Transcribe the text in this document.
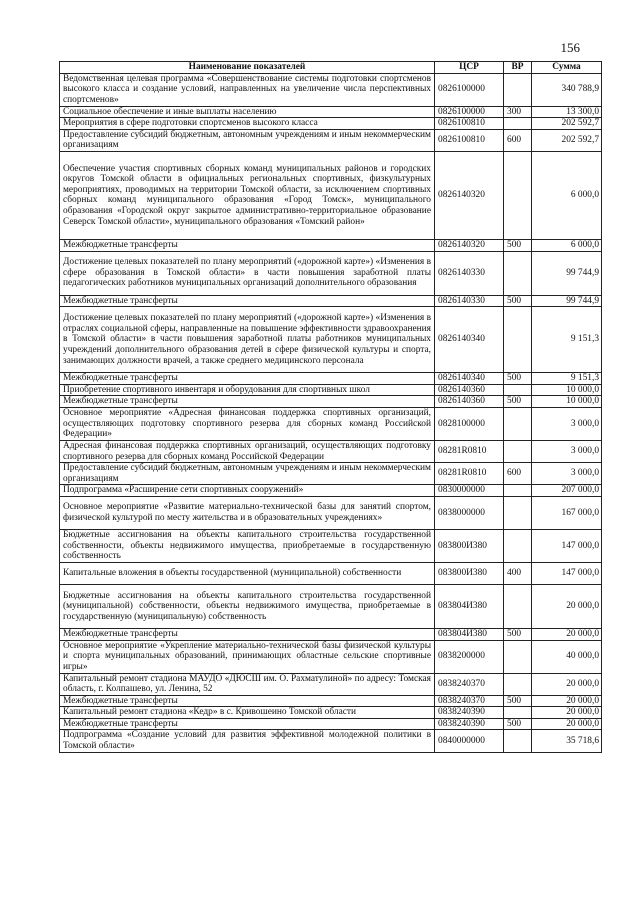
156
Наименование показателей	ЦСР	ВР	Сумма
Ведомственная целевая программа «Совершенствование системы подготовки спортсменов высокого класса и создание условий, направленных на увеличение числа перспективных спортсменов»	0826100000		340 788,9
Социальное обеспечение и иные выплаты населению	0826100000	300	13 300,0
Мероприятия в сфере подготовки спортсменов высокого класса	0826100810		202 592,7
Предоставление субсидий бюджетным, автономным учреждениям и иным некоммерческим организациям	0826100810	600	202 592,7
Обеспечение участия спортивных сборных команд муниципальных районов и городских округов Томской области в официальных региональных спортивных, физкультурных мероприятиях, проводимых на территории Томской области, за исключением спортивных сборных команд муниципального образования «Город Томск», муниципального образования «Городской округ закрытое административно-территориальное образование Северск Томской области», муниципального образования «Томский район»	0826140320		6 000,0
Межбюджетные трансферты	0826140320	500	6 000,0
Достижение целевых показателей по плану мероприятий («дорожной карте») «Изменения в сфере образования в Томской области» в части повышения заработной платы педагогических работников муниципальных организаций дополнительного образования	0826140330		99 744,9
Межбюджетные трансферты	0826140330	500	99 744,9
Достижение целевых показателей по плану мероприятий («дорожной карте») «Изменения в отраслях социальной сферы, направленные на повышение эффективности здравоохранения в Томской области» в части повышения заработной платы работников муниципальных учреждений дополнительного образования детей в сфере физической культуры и спорта, занимающих должности врачей, а также среднего медицинского персонала	0826140340		9 151,3
Межбюджетные трансферты	0826140340	500	9 151,3
Приобретение спортивного инвентаря и оборудования для спортивных школ	0826140360		10 000,0
Межбюджетные трансферты	0826140360	500	10 000,0
Основное мероприятие «Адресная финансовая поддержка спортивных организаций, осуществляющих подготовку спортивного резерва для сборных команд Российской Федерации»	0828100000		3 000,0
Адресная финансовая поддержка спортивных организаций, осуществляющих подготовку спортивного резерва для сборных команд Российской Федерации	08281R0810		3 000,0
Предоставление субсидий бюджетным, автономным учреждениям и иным некоммерческим организациям	08281R0810	600	3 000,0
Подпрограмма «Расширение сети спортивных сооружений»	0830000000		207 000,0
Основное мероприятие «Развитие материально-технической базы для занятий спортом, физической культурой по месту жительства и в образовательных учреждениях»	0838000000		167 000,0
Бюджетные ассигнования на объекты капитального строительства государственной собственности, объекты недвижимого имущества, приобретаемые в государственную собственность	083800И380		147 000,0
Капитальные вложения в объекты государственной (муниципальной) собственности	083800И380	400	147 000,0
Бюджетные ассигнования на объекты капитального строительства государственной (муниципальной) собственности, объекты недвижимого имущества, приобретаемые в государственную (муниципальную) собственность	083804И380		20 000,0
Межбюджетные трансферты	083804И380	500	20 000,0
Основное мероприятие «Укрепление материально-технической базы физической культуры и спорта муниципальных образований, принимающих областные сельские спортивные игры»	0838200000		40 000,0
Капитальный ремонт стадиона МАУДО «ДЮСШ им. О. Рахматулиной» по адресу: Томская область, г. Колпашево, ул. Ленина, 52	0838240370		20 000,0
Межбюджетные трансферты	0838240370	500	20 000,0
Капитальный ремонт стадиона «Кедр» в с. Кривошеино Томской области	0838240390		20 000,0
Межбюджетные трансферты	0838240390	500	20 000,0
Подпрограмма «Создание условий для развития эффективной молодежной политики в Томской области»	0840000000		35 718,6
